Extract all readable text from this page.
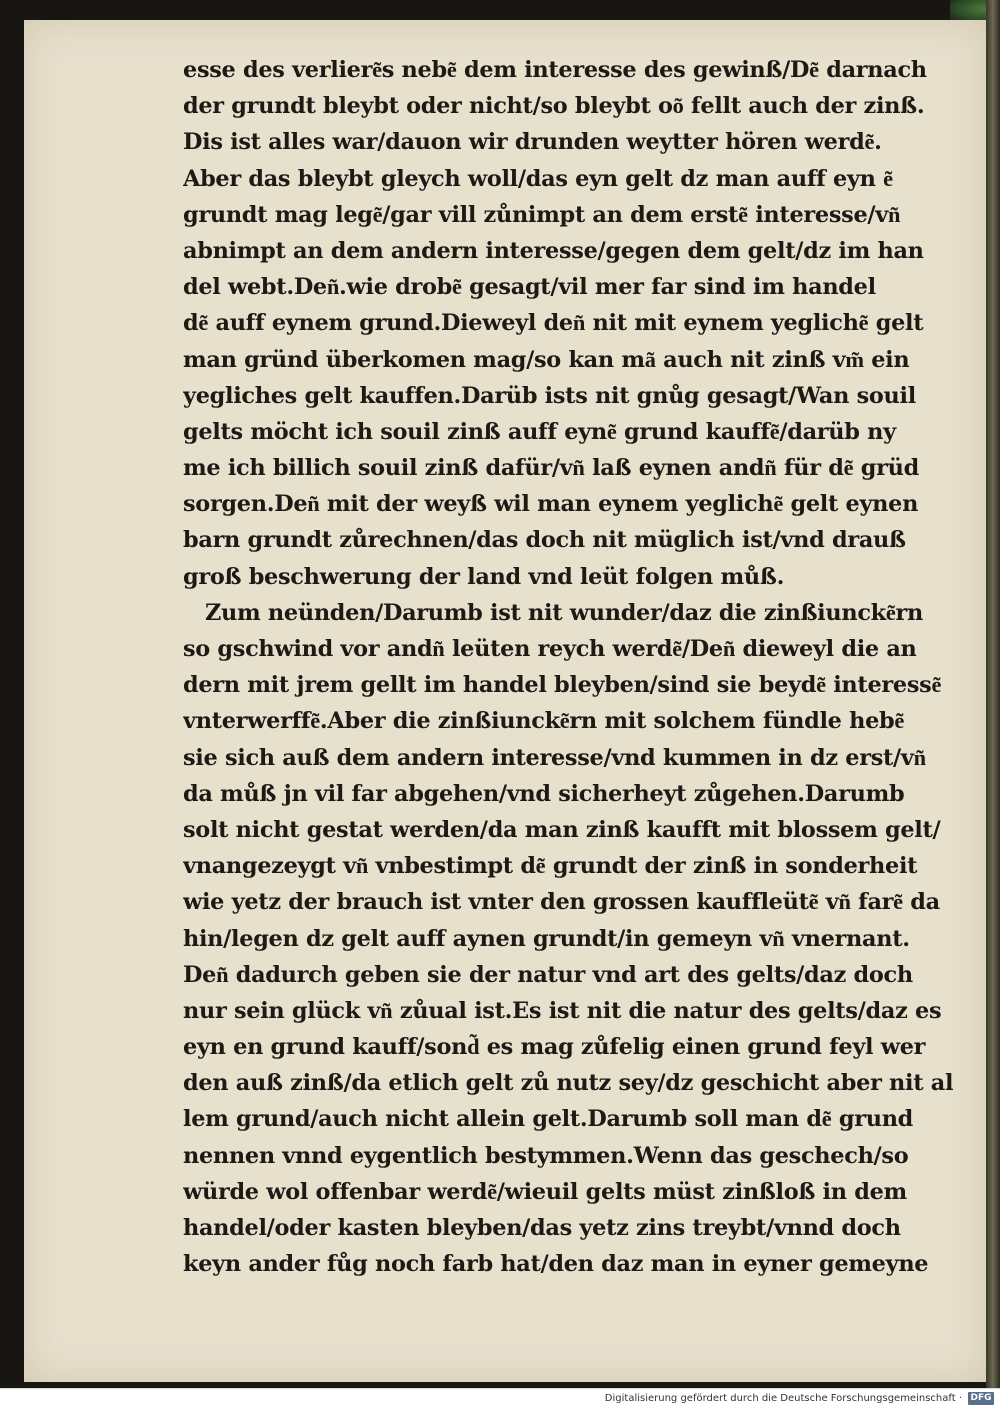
esse des verliere͂s nebe͂ dem interesse des gewinß/De͂ darnach
der grundt bleybt oder nicht/so bleybt oo͂ fellt auch der zinß.
Dis ist alles war/dauon wir drunden weytter hören werde͂.
Aber das bleybt gleych woll/das eyn gelt dz man auff eyn e͂
grundt mag lege͂/gar vill zůnimpt an dem erste͂ interesse/vn͂
abnimpt an dem andern interesse/gegen dem gelt/dz im han
del webt.Den͂.wie drobe͂ gesagt/vil mer far sind im handel
de͂ auff eynem grund.Dieweyl den͂ nit mit eynem yegliche͂ gelt
man gründ überkomen mag/so kan ma͂ auch nit zinß vm͂ ein
yegliches gelt kauffen.Darüb ists nit gnůg gesagt/Wan souil
gelts möcht ich souil zinß auff eyne͂ grund kauffe͂/darüb ny
me ich billich souil zinß dafür/vn͂ laß eynen andn͂ für de͂ grüd
sorgen.Den͂ mit der weyß wil man eynem yegliche͂ gelt eynen
barn grundt zůrechnen/das doch nit müglich ist/vnd drauß
groß beschwerung der land vnd leüt folgen můß.
Zum neünden/Darumb ist nit wunder/daz die zinßiuncke͂rn
so gschwind vor andn͂ leüten reych werde͂/Den͂ dieweyl die an
dern mit jrem gellt im handel bleyben/sind sie beyde͂ interesse͂
vnterwerffe͂.Aber die zinßiuncke͂rn mit solchem fündle hebe͂
sie sich auß dem andern interesse/vnd kummen in dz erst/vn͂
da můß jn vil far abgehen/vnd sicherheyt zůgehen.Darumb
solt nicht gestat werden/da man zinß kaufft mit blossem gelt/
vnangezeygt vn͂ vnbestimpt de͂ grundt der zinß in sonderheit
wie yetz der brauch ist vnter den grossen kauffleüte͂ vn͂ fare͂ da
hin/legen dz gelt auff aynen grundt/in gemeyn vn͂ vnernant.
Den͂ dadurch geben sie der natur vnd art des gelts/daz doch
nur sein glück vn͂ zůual ist.Es ist nit die natur des gelts/daz es
eyn en grund kauff/sond͂ es mag zůfelig einen grund feyl wer
den auß zinß/da etlich gelt zů nutz sey/dz geschicht aber nit al
lem grund/auch nicht allein gelt.Darumb soll man de͂ grund
nennen vnnd eygentlich bestymmen.Wenn das geschech/so
würde wol offenbar werde͂/wieuil gelts müst zinßloß in dem
handel/oder kasten bleyben/das yetz zins treybt/vnnd doch
keyn ander fůg noch farb hat/den daz man in eyner gemeyne
Digitalisierung gefördert durch die Deutsche Forschungsgemeinschaft · DFG
